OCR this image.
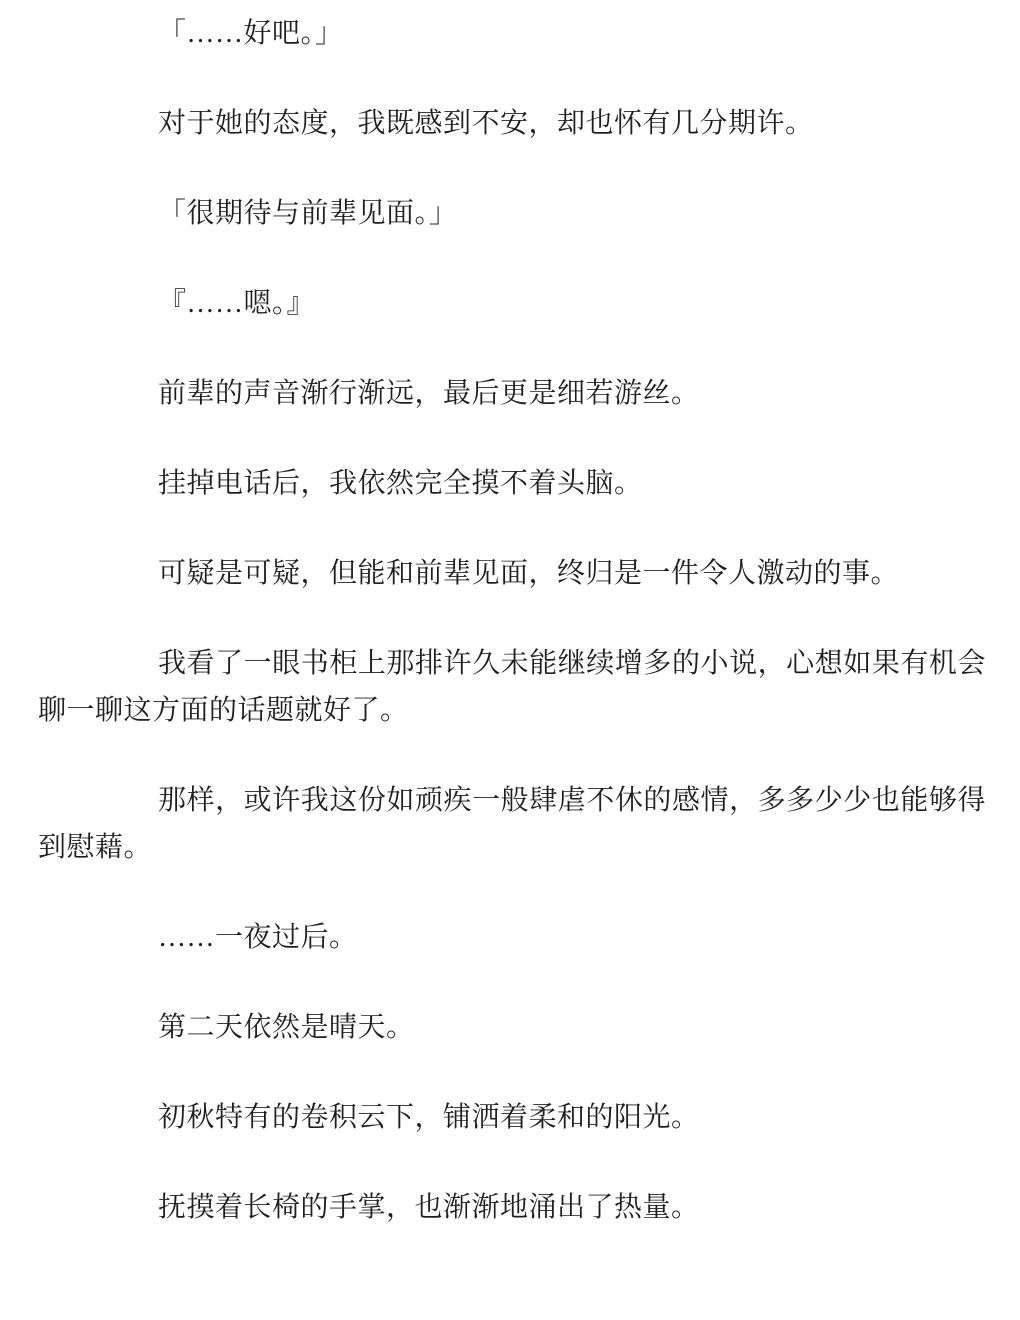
「……好吧。」

对于她的态度，我既感到不安，却也怀有几分期许。

「很期待与前辈见面。」

『……嗯。』

前辈的声音渐行渐远，最后更是细若游丝。

挂掉电话后，我依然完全摸不着头脑。

可疑是可疑，但能和前辈见面，终归是一件令人激动的事。

我看了一眼书柜上那排许久未能继续增多的小说，心想如果有机会聊一聊这方面的话题就好了。

那样，或许我这份如顽疾一般肆虐不休的感情，多多少少也能够得到慰藉。

……一夜过后。

第二天依然是晴天。

初秋特有的卷积云下，铺洒着柔和的阳光。

抚摸着长椅的手掌，也渐渐地涌出了热量。
